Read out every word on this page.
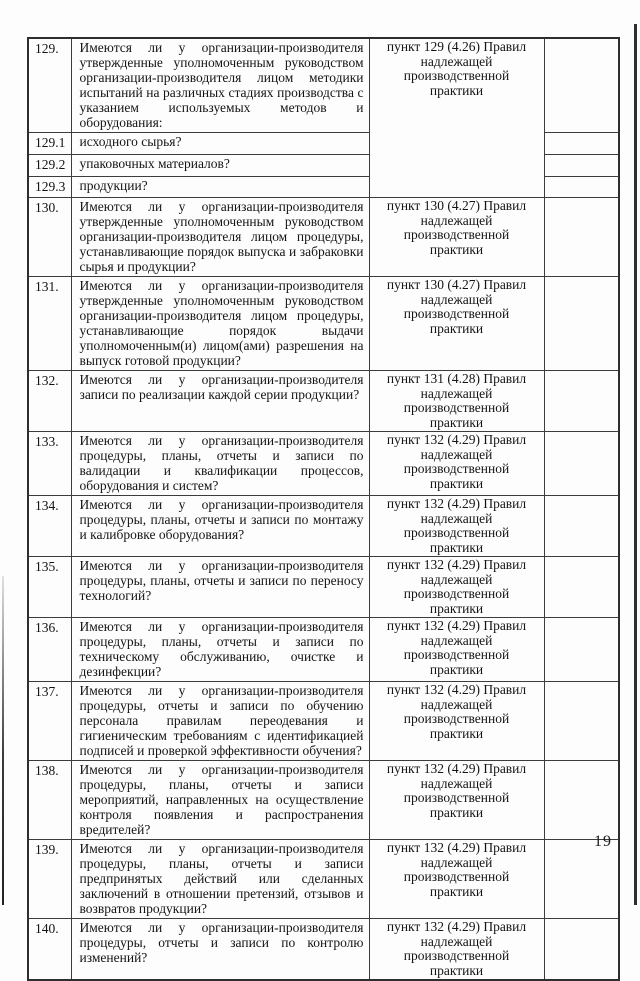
129.	Имеются ли у организации-производителя утвержденные уполномоченным руководством организации-производителя лицом методики испытаний на различных стадиях производства с указанием используемых методов и оборудования:	пункт 129 (4.26) Правил надлежащей производственной практики	
129.1	исходного сырья?		
129.2	упаковочных материалов?		
129.3	продукции?		
130.	Имеются ли у организации-производителя утвержденные уполномоченным руководством организации-производителя лицом процедуры, устанавливающие порядок выпуска и забраковки сырья и продукции?	пункт 130 (4.27) Правил надлежащей производственной практики	
131.	Имеются ли у организации-производителя утвержденные уполномоченным руководством организации-производителя лицом процедуры, устанавливающие порядок выдачи уполномоченным(и) лицом(ами) разрешения на выпуск готовой продукции?	пункт 130 (4.27) Правил надлежащей производственной практики	
132.	Имеются ли у организации-производителя записи по реализации каждой серии продукции?	пункт 131 (4.28) Правил надлежащей производственной практики	
133.	Имеются ли у организации-производителя процедуры, планы, отчеты и записи по валидации и квалификации процессов, оборудования и систем?	пункт 132 (4.29) Правил надлежащей производственной практики	
134.	Имеются ли у организации-производителя процедуры, планы, отчеты и записи по монтажу и калибровке оборудования?	пункт 132 (4.29) Правил надлежащей производственной практики	
135.	Имеются ли у организации-производителя процедуры, планы, отчеты и записи по переносу технологий?	пункт 132 (4.29) Правил надлежащей производственной практики	
136.	Имеются ли у организации-производителя процедуры, планы, отчеты и записи по техническому обслуживанию, очистке и дезинфекции?	пункт 132 (4.29) Правил надлежащей производственной практики	
137.	Имеются ли у организации-производителя процедуры, отчеты и записи по обучению персонала правилам переодевания и гигиеническим требованиям с идентификацией подписей и проверкой эффективности обучения?	пункт 132 (4.29) Правил надлежащей производственной практики	
138.	Имеются ли у организации-производителя процедуры, планы, отчеты и записи мероприятий, направленных на осуществление контроля появления и распространения вредителей?	пункт 132 (4.29) Правил надлежащей производственной практики	
139.	Имеются ли у организации-производителя процедуры, планы, отчеты и записи предпринятых действий или сделанных заключений в отношении претензий, отзывов и возвратов продукции?	пункт 132 (4.29) Правил надлежащей производственной практики	
140.	Имеются ли у организации-производителя процедуры, отчеты и записи по контролю изменений?	пункт 132 (4.29) Правил надлежащей производственной практики	
19
